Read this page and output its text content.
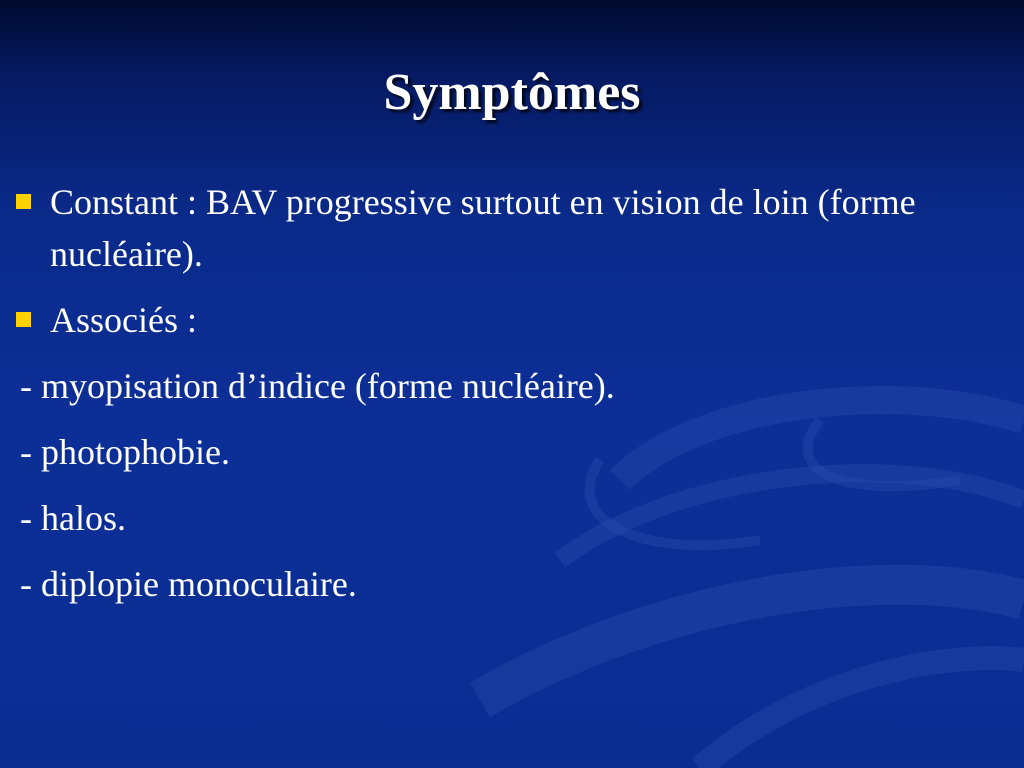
Symptômes
Constant : BAV progressive surtout en vision de loin (forme nucléaire).
Associés :
- myopisation d’indice (forme nucléaire).
- photophobie.
- halos.
- diplopie monoculaire.
